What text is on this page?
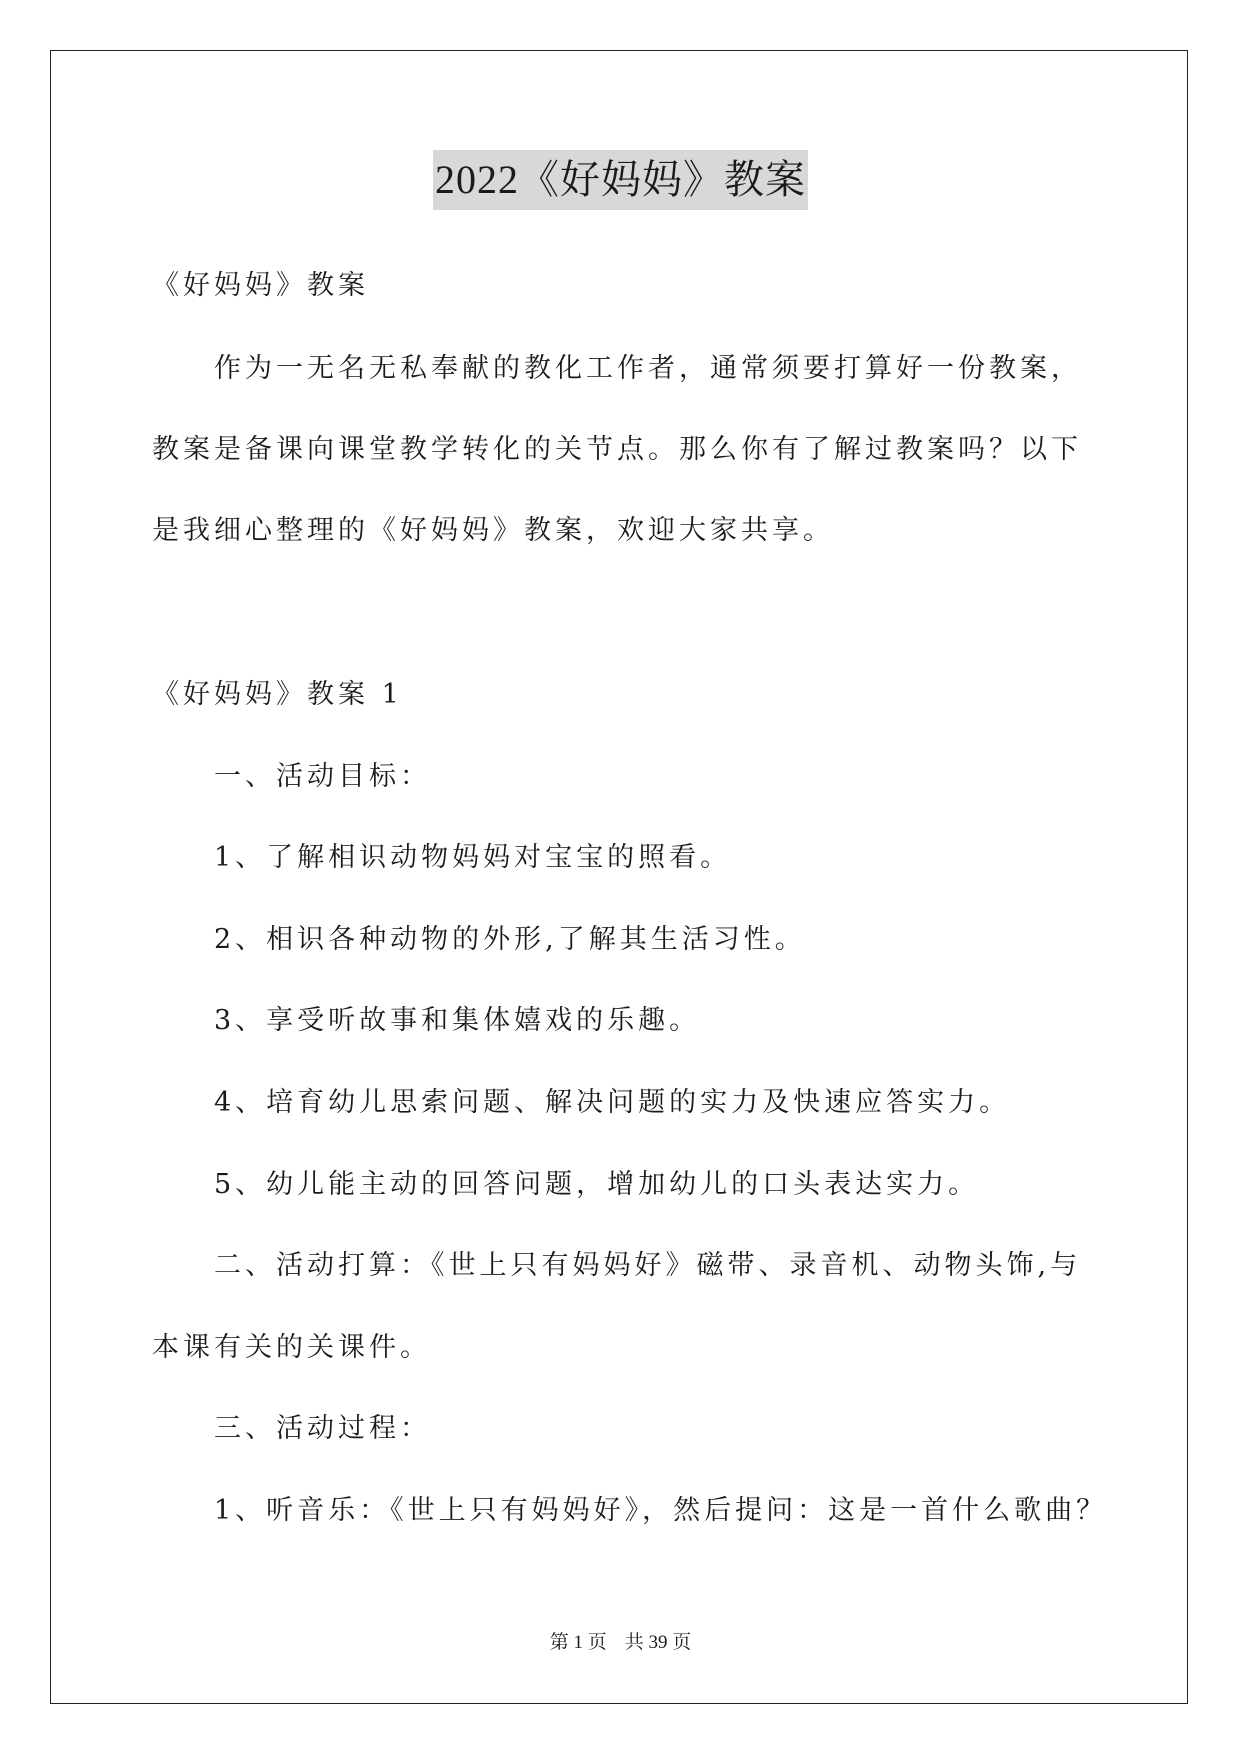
2022《好妈妈》教案

《好妈妈》教案

作为一无名无私奉献的教化工作者，通常须要打算好一份教案，

教案是备课向课堂教学转化的关节点。那么你有了解过教案吗？以下

是我细心整理的《好妈妈》教案，欢迎大家共享。

《好妈妈》教案 1

一、活动目标：

1、了解相识动物妈妈对宝宝的照看。

2、相识各种动物的外形,了解其生活习性。

3、享受听故事和集体嬉戏的乐趣。

4、培育幼儿思索问题、解决问题的实力及快速应答实力。

5、幼儿能主动的回答问题，增加幼儿的口头表达实力。

二、活动打算：《世上只有妈妈好》磁带、录音机、动物头饰,与

本课有关的关课件。

三、活动过程：

1、听音乐：《世上只有妈妈好》，然后提问：这是一首什么歌曲？

第 1 页 共 39 页
